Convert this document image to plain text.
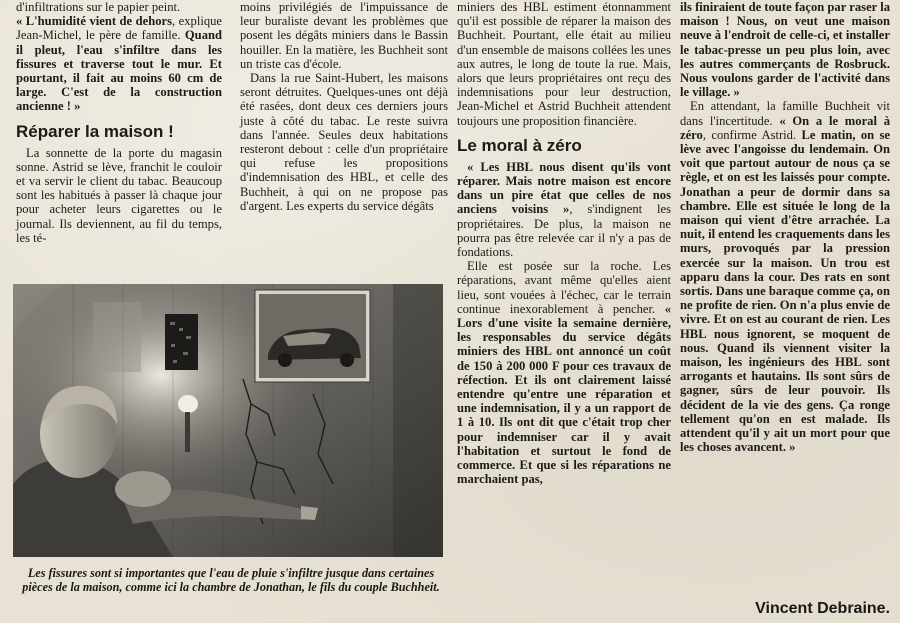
d'infiltrations sur le papier peint.

« L'humidité vient de dehors, explique Jean-Michel, le père de famille. Quand il pleut, l'eau s'infiltre dans les fissures et traverse tout le mur. Et pourtant, il fait au moins 60 cm de large. C'est de la construction ancienne ! »

Réparer la maison !

La sonnette de la porte du magasin sonne. Astrid se lève, franchit le couloir et va servir le client du tabac. Beaucoup sont les habitués à passer là chaque jour pour acheter leurs cigarettes ou le journal. Ils deviennent, au fil du temps, les té-

moins privilégiés de l'impuissance de leur buraliste devant les problèmes que posent les dégâts miniers dans le Bassin houiller. En la matière, les Buchheit sont un triste cas d'école.

Dans la rue Saint-Hubert, les maisons seront détruites. Quelques-unes ont déjà été rasées, dont deux ces derniers jours juste à côté du tabac. Le reste suivra dans l'année. Seules deux habitations resteront debout : celle d'un propriétaire qui refuse les propositions d'indemnisation des HBL, et celle des Buchheit, à qui on ne propose pas d'argent. Les experts du service dégâts

miniers des HBL estiment étonnamment qu'il est possible de réparer la maison des Buchheit. Pourtant, elle était au milieu d'un ensemble de maisons collées les unes aux autres, le long de toute la rue. Mais, alors que leurs propriétaires ont reçu des indemnisations pour leur destruction, Jean-Michel et Astrid Buchheit attendent toujours une proposition financière.

Le moral à zéro

« Les HBL nous disent qu'ils vont réparer. Mais notre maison est encore dans un pire état que celles de nos anciens voisins », s'indignent les propriétaires. De plus, la maison ne pourra pas être relevée car il n'y a pas de fondations.

Elle est posée sur la roche. Les réparations, avant même qu'elles aient lieu, sont vouées à l'échec, car le terrain continue inexorablement à pencher. « Lors d'une visite la semaine dernière, les responsables du service dégâts miniers des HBL ont annoncé un coût de 150 à 200 000 F pour ces travaux de réfection. Et ils ont clairement laissé entendre qu'entre une réparation et une indemnisation, il y a un rapport de 1 à 10. Ils ont dit que c'était trop cher pour indemniser car il y avait l'habitation et surtout le fond de commerce. Et que si les réparations ne marchaient pas,

ils finiraient de toute façon par raser la maison ! Nous, on veut une maison neuve à l'endroit de celle-ci, et installer le tabac-presse un peu plus loin, avec les autres commerçants de Rosbruck. Nous voulons garder de l'activité dans le village. »

En attendant, la famille Buchheit vit dans l'incertitude. « On a le moral à zéro, confirme Astrid. Le matin, on se lève avec l'angoisse du lendemain. On voit que partout autour de nous ça se règle, et on est les laissés pour compte. Jonathan a peur de dormir dans sa chambre. Elle est située le long de la maison qui vient d'être arrachée. La nuit, il entend les craquements dans les murs, provoqués par la pression exercée sur la maison. Un trou est apparu dans la cour. Des rats en sont sortis. Dans une baraque comme ça, on ne profite de rien. On n'a plus envie de vivre. Et on est au courant de rien. Les HBL nous ignorent, se moquent de nous. Quand ils viennent visiter la maison, les ingénieurs des HBL sont arrogants et hautains. Ils sont sûrs de gagner, sûrs de leur pouvoir. Ils décident de la vie des gens. Ça ronge tellement qu'on en est malade. Ils attendent qu'il y ait un mort pour que les choses avancent. »

Les fissures sont si importantes que l'eau de pluie s'infiltre jusque dans certaines pièces de la maison, comme ici la chambre de Jonathan, le fils du couple Buchheit.
Vincent Debraine.
